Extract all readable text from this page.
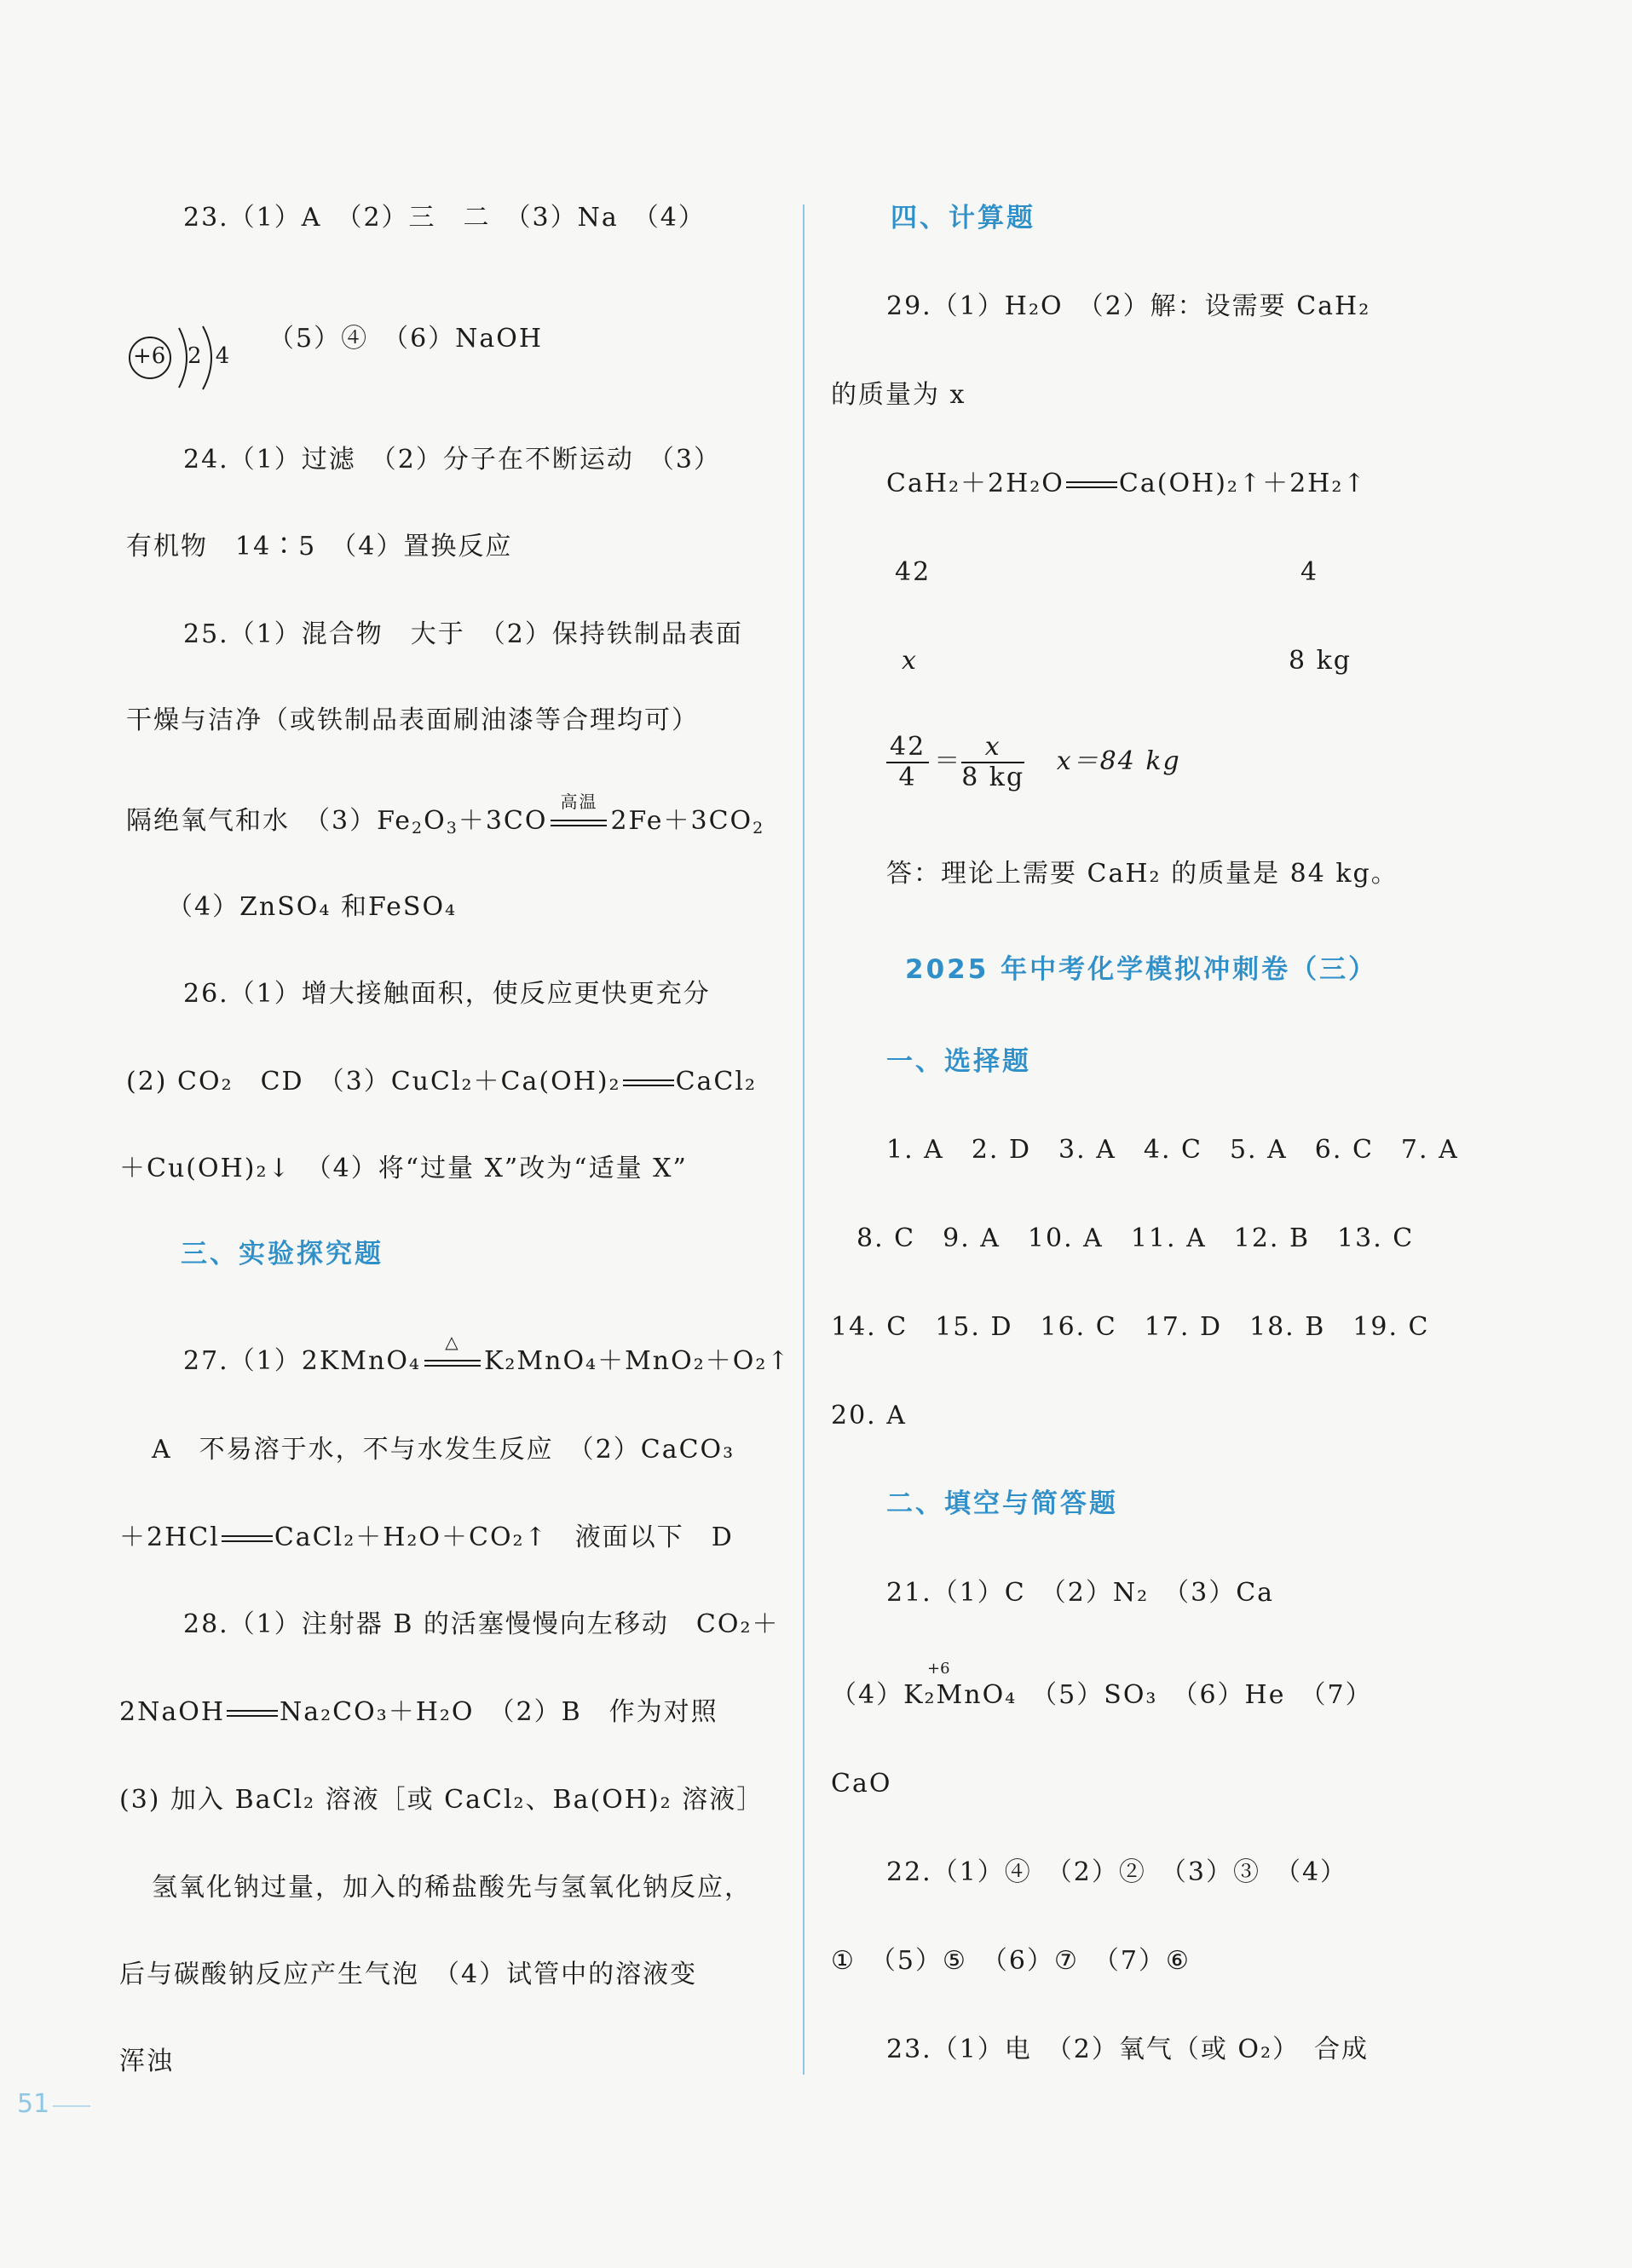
23.（1）A　（2）三　二　（3）Na　（4）
+6 2 4
（5）④　（6）NaOH
24.（1）过滤　（2）分子在不断运动　（3）
有机物　14∶5　（4）置换反应
25.（1）混合物　大于　（2）保持铁制品表面
干燥与洁净（或铁制品表面刷油漆等合理均可）
隔绝氧气和水　$(3)Fe_2O_3+3CO$
高温
$2Fe+3CO_2$
（4）ZnSO₄ 和FeSO₄
26.（1）增大接触面积，使反应更快更充分
(2) CO₂　CD　（3）CuCl₂＋Ca(OH)₂ CaCl₂
＋Cu(OH)₂↓　（4）将“过量 X”改为“适量 X”
三、实验探究题
27.（1）2KMnO₄
△
K₂MnO₄＋MnO₂＋O₂↑
A　不易溶于水，不与水发生反应　（2）CaCO₃
＋2HCl CaCl₂＋H₂O＋CO₂↑　液面以下　D
28.（1）注射器 B 的活塞慢慢向左移动　CO₂＋
2NaOH Na₂CO₃＋H₂O　（2）B　作为对照
(3) 加入 BaCl₂ 溶液［或 CaCl₂、Ba(OH)₂ 溶液］
氢氧化钠过量，加入的稀盐酸先与氢氧化钠反应，
后与碳酸钠反应产生气泡　（4）试管中的溶液变
浑浊
四、计算题
29.（1）H₂O　（2）解：设需要 CaH₂
的质量为 x
CaH₂＋2H₂O Ca(OH)₂↑＋2H₂↑
42	4
x	8 kg
$\frac{42}{4} = \frac{x}{8 kg} x=84$ kg
答：理论上需要 CaH₂ 的质量是 84 kg。
2025 年中考化学模拟冲刺卷（三）
一、选择题
1. A　2. D　3. A　4. C　5. A　6. C　7. A
8. C　9. A　10. A　11. A　12. B　13. C
14. C　15. D　16. C　17. D　18. B　19. C
20. A
二、填空与简答题
21.（1）C　（2）N₂　（3）Ca
+6
（4）K₂MnO₄　（5）SO₃　（6）He　（7）
CaO
22.（1）④　（2）②　（3）③　（4）
①　（5）⑤　（6）⑦　（7）⑥
23.（1）电　（2）氧气（或 O₂）　合成
51
